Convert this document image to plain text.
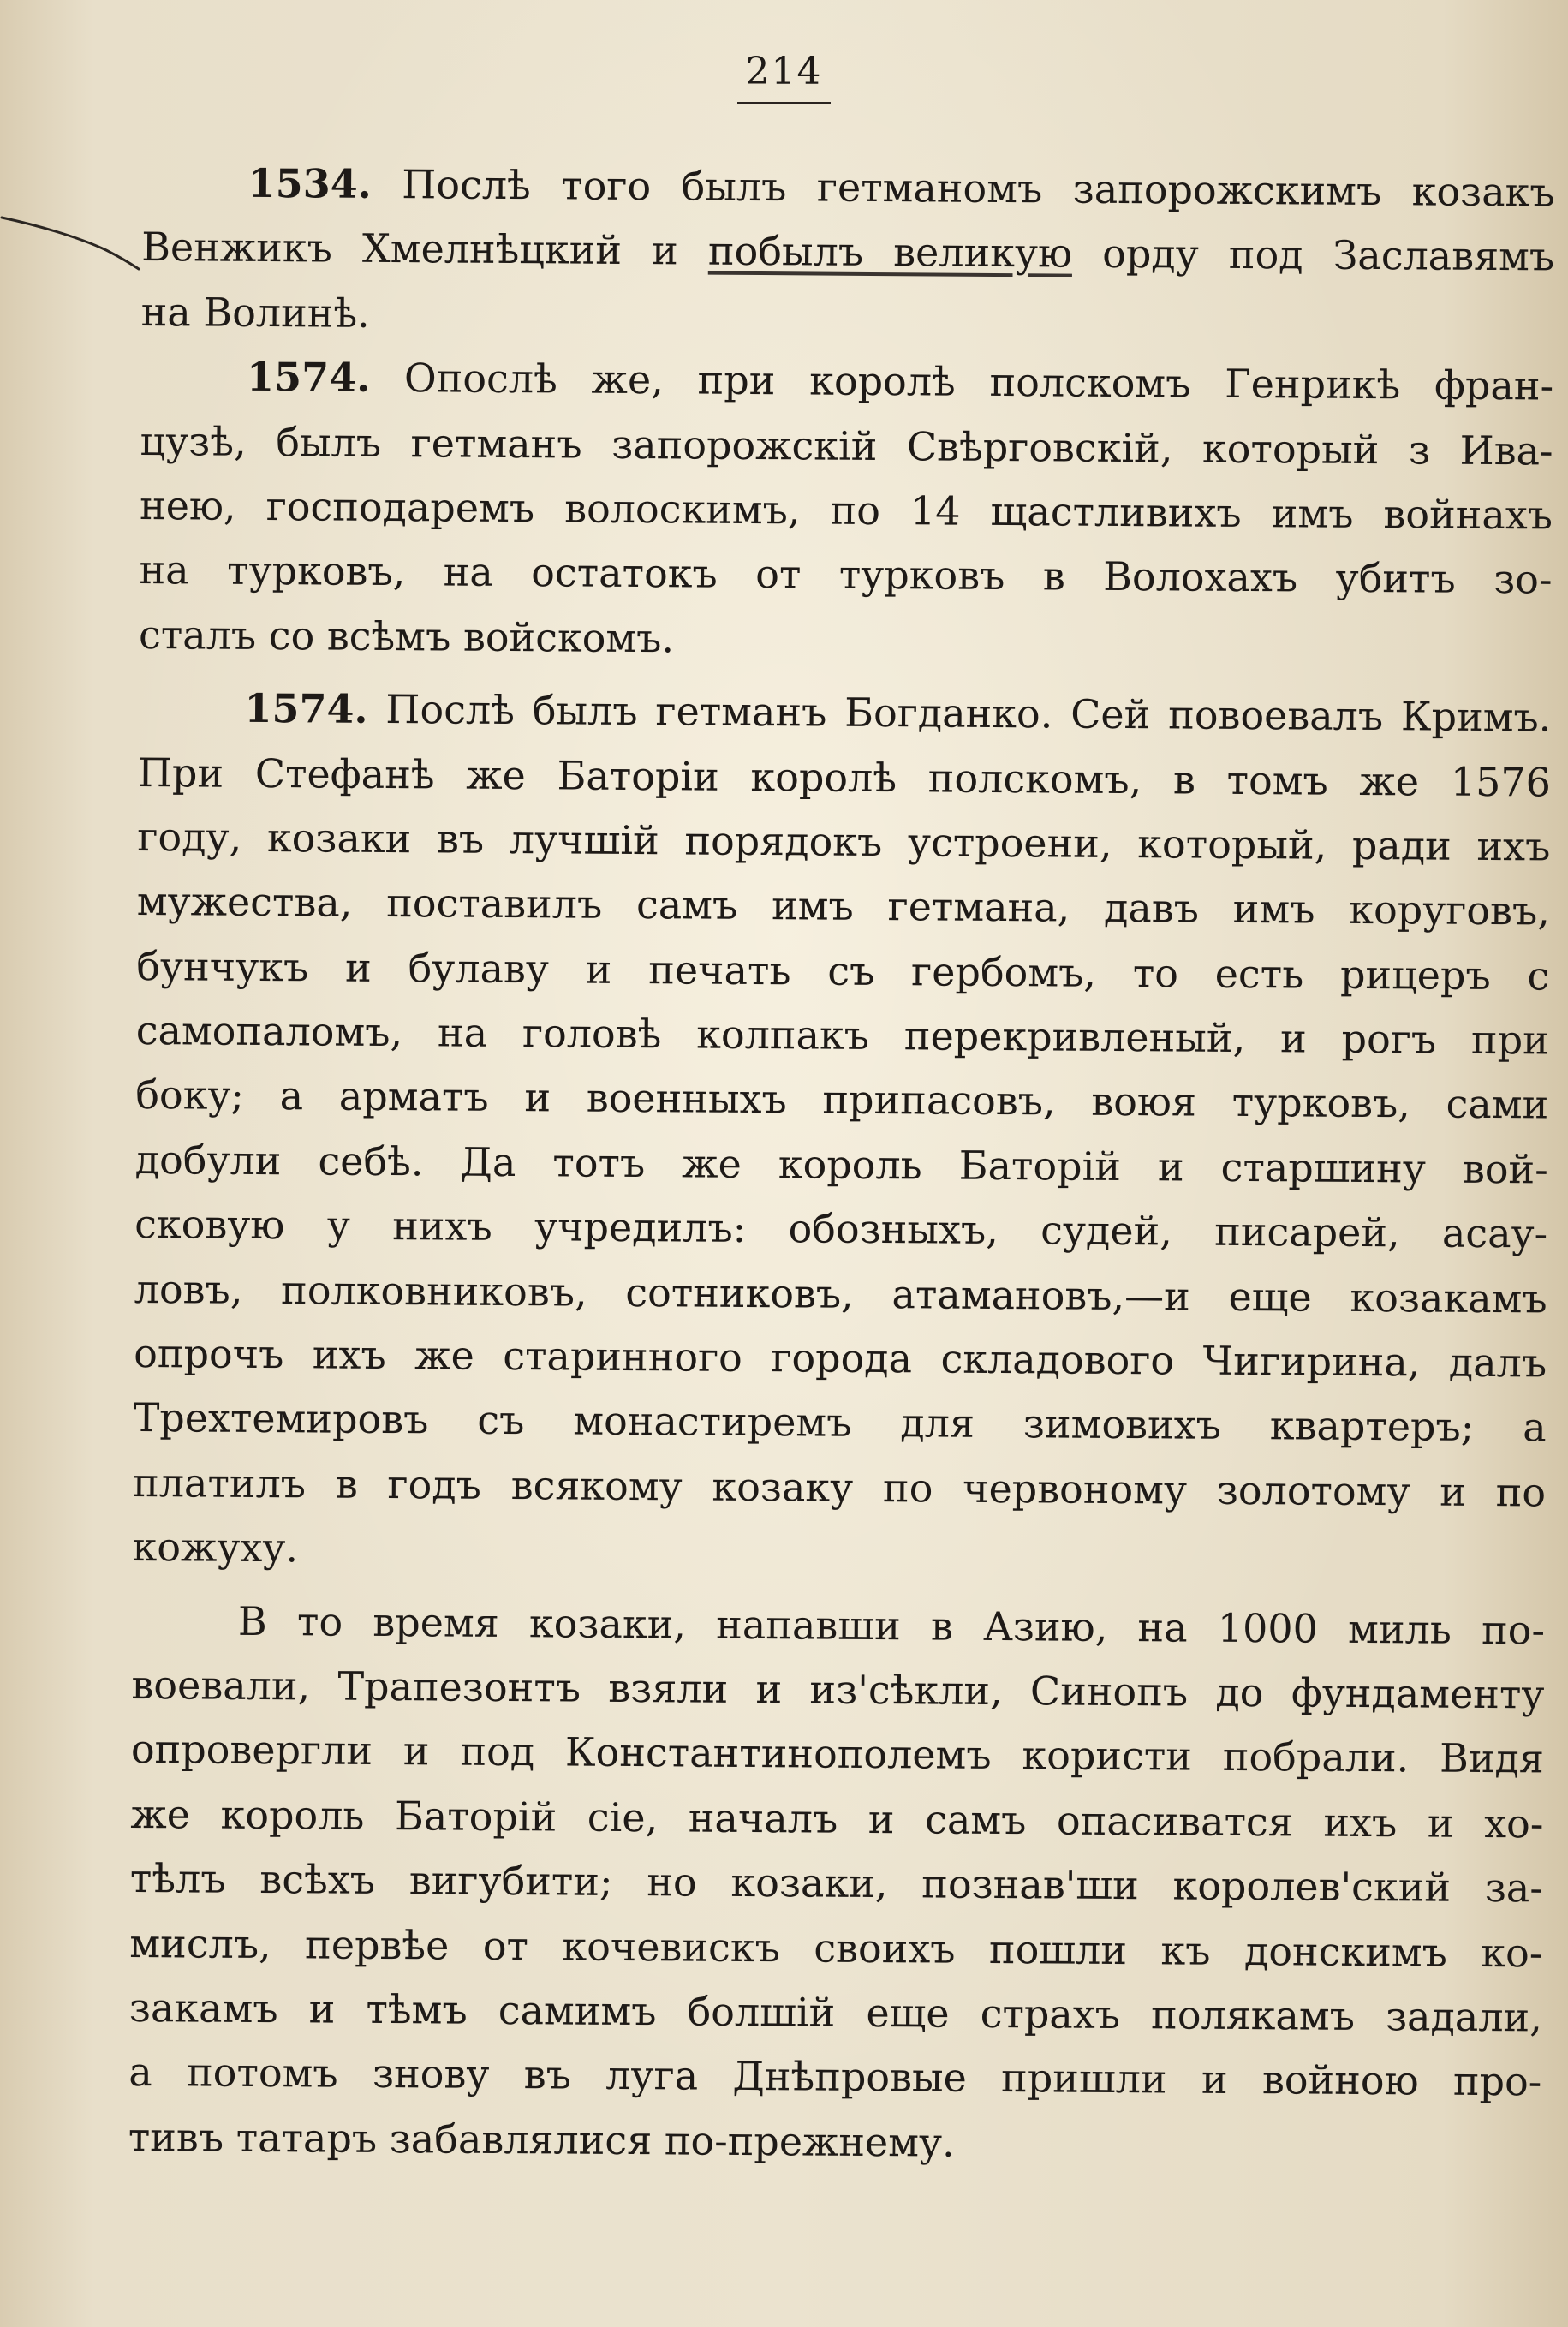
214
1534. Послѣ того былъ гетманомъ запорожскимъ козакъ
Венжикъ Хмелнѣцкий и побылъ великую орду под Заславямъ
на Волинѣ.
1574. Опослѣ же, при королѣ полскомъ Генрикѣ фран-
цузѣ, былъ гетманъ запорожскій Свѣрговскій, который з Ива-
нею, господаремъ волоскимъ, по 14 щастливихъ имъ войнахъ
на турковъ, на остатокъ от турковъ в Волохахъ убитъ зо-
сталъ со всѣмъ войскомъ.
1574. Послѣ былъ гетманъ Богданко. Сей повоевалъ Кримъ.
При Стефанѣ же Баторіи королѣ полскомъ, в томъ же 1576
году, козаки въ лучшій порядокъ устроени, который, ради ихъ
мужества, поставилъ самъ имъ гетмана, давъ имъ коруговъ,
бунчукъ и булаву и печать съ гербомъ, то есть рицеръ с
самопаломъ, на головѣ колпакъ перекривленый, и рогъ при
боку; а арматъ и военныхъ припасовъ, воюя турковъ, сами
добули себѣ. Да тотъ же король Баторій и старшину вой-
сковую у нихъ учредилъ: обозныхъ, судей, писарей, асау-
ловъ, полковниковъ, сотниковъ, атамановъ,—и еще козакамъ
опрочъ ихъ же старинного города складового Чигирина, далъ
Трехтемировъ съ монастиремъ для зимовихъ квартеръ; а
платилъ в годъ всякому козаку по червоному золотому и по
кожуху.
В то время козаки, напавши в Азию, на 1000 миль по-
воевали, Трапезонтъ взяли и из'сѣкли, Синопъ до фундаменту
опровергли и под Константинополемъ користи побрали. Видя
же король Баторій сіе, началъ и самъ опасиватся ихъ и хо-
тѣлъ всѣхъ вигубити; но козаки, познав'ши королев'ский за-
мислъ, первѣе от кочевискъ своихъ пошли къ донскимъ ко-
закамъ и тѣмъ самимъ болшій еще страхъ полякамъ задали,
а потомъ знову въ луга Днѣпровые пришли и войною про-
тивъ татаръ забавлялися по-прежнему.
